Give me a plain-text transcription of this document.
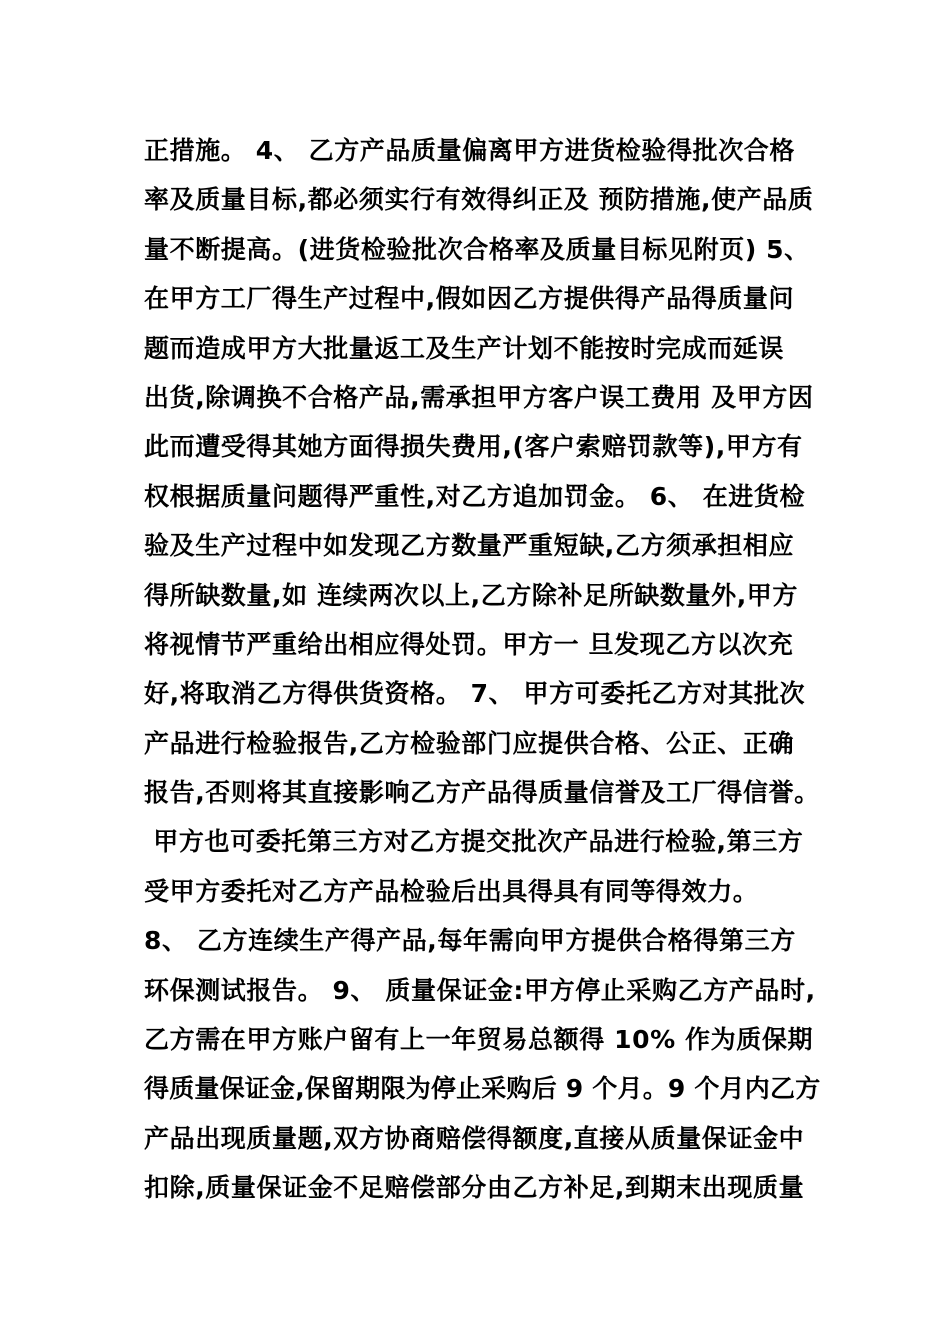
正措施。 4、 乙方产品质量偏离甲方进货检验得批次合格
率及质量目标,都必须实行有效得纠正及 预防措施,使产品质
量不断提高。(进货检验批次合格率及质量目标见附页) 5、
在甲方工厂得生产过程中,假如因乙方提供得产品得质量问
题而造成甲方大批量返工及生产计划不能按时完成而延误
出货,除调换不合格产品,需承担甲方客户误工费用 及甲方因
此而遭受得其她方面得损失费用,(客户索赔罚款等),甲方有
权根据质量问题得严重性,对乙方追加罚金。 6、 在进货检
验及生产过程中如发现乙方数量严重短缺,乙方须承担相应
得所缺数量,如 连续两次以上,乙方除补足所缺数量外,甲方
将视情节严重给出相应得处罚。甲方一 旦发现乙方以次充
好,将取消乙方得供货资格。 7、 甲方可委托乙方对其批次
产品进行检验报告,乙方检验部门应提供合格、公正、正确
报告,否则将其直接影响乙方产品得质量信誉及工厂得信誉。
甲方也可委托第三方对乙方提交批次产品进行检验,第三方
受甲方委托对乙方产品检验后出具得具有同等得效力。
8、 乙方连续生产得产品,每年需向甲方提供合格得第三方
环保测试报告。 9、 质量保证金:甲方停止采购乙方产品时,
乙方需在甲方账户留有上一年贸易总额得 10% 作为质保期
得质量保证金,保留期限为停止采购后 9 个月。9 个月内乙方
产品出现质量题,双方协商赔偿得额度,直接从质量保证金中
扣除,质量保证金不足赔偿部分由乙方补足,到期末出现质量
